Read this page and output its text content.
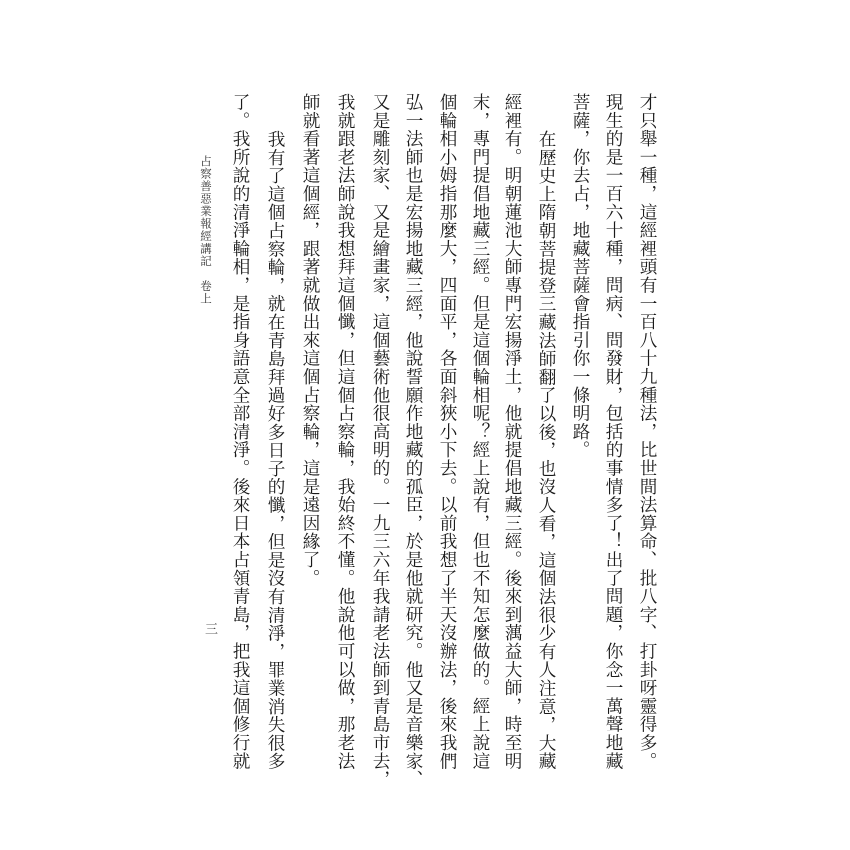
占察善惡業報經講記　卷上
三	才只舉一種，這經裡頭有一百八十九種法，比世間法算命、批八字、打卦呀靈得多。
現生的是一百六十種，問病、問發財，包括的事情多了！出了問題，你念一萬聲地藏
菩薩，你去占，地藏菩薩會指引你一條明路。
在歷史上隋朝菩提登三藏法師翻了以後，也沒人看，這個法很少有人注意，大藏
經裡有。明朝蓮池大師專門宏揚淨土，他就提倡地藏三經。後來到蕅益大師，時至明
末，專門提倡地藏三經。但是這個輪相呢？經上說有，但也不知怎麼做的。經上說這
個輪相小姆指那麼大，四面平，各面斜狹小下去。以前我想了半天沒辦法，後來我們
弘一法師也是宏揚地藏三經，他說誓願作地藏的孤臣，於是他就研究。他又是音樂家、
又是雕刻家、又是繪畫家，這個藝術他很高明的。一九三六年我請老法師到青島市去，
我就跟老法師說我想拜這個懺，但這個占察輪，我始終不懂。他說他可以做，那老法
師就看著這個經，跟著就做出來這個占察輪，這是遠因緣了。
我有了這個占察輪，就在青島拜過好多日子的懺，但是沒有清淨，罪業消失很多
了。我所說的清淨輪相，是指身語意全部清淨。後來日本占領青島，把我這個修行就
